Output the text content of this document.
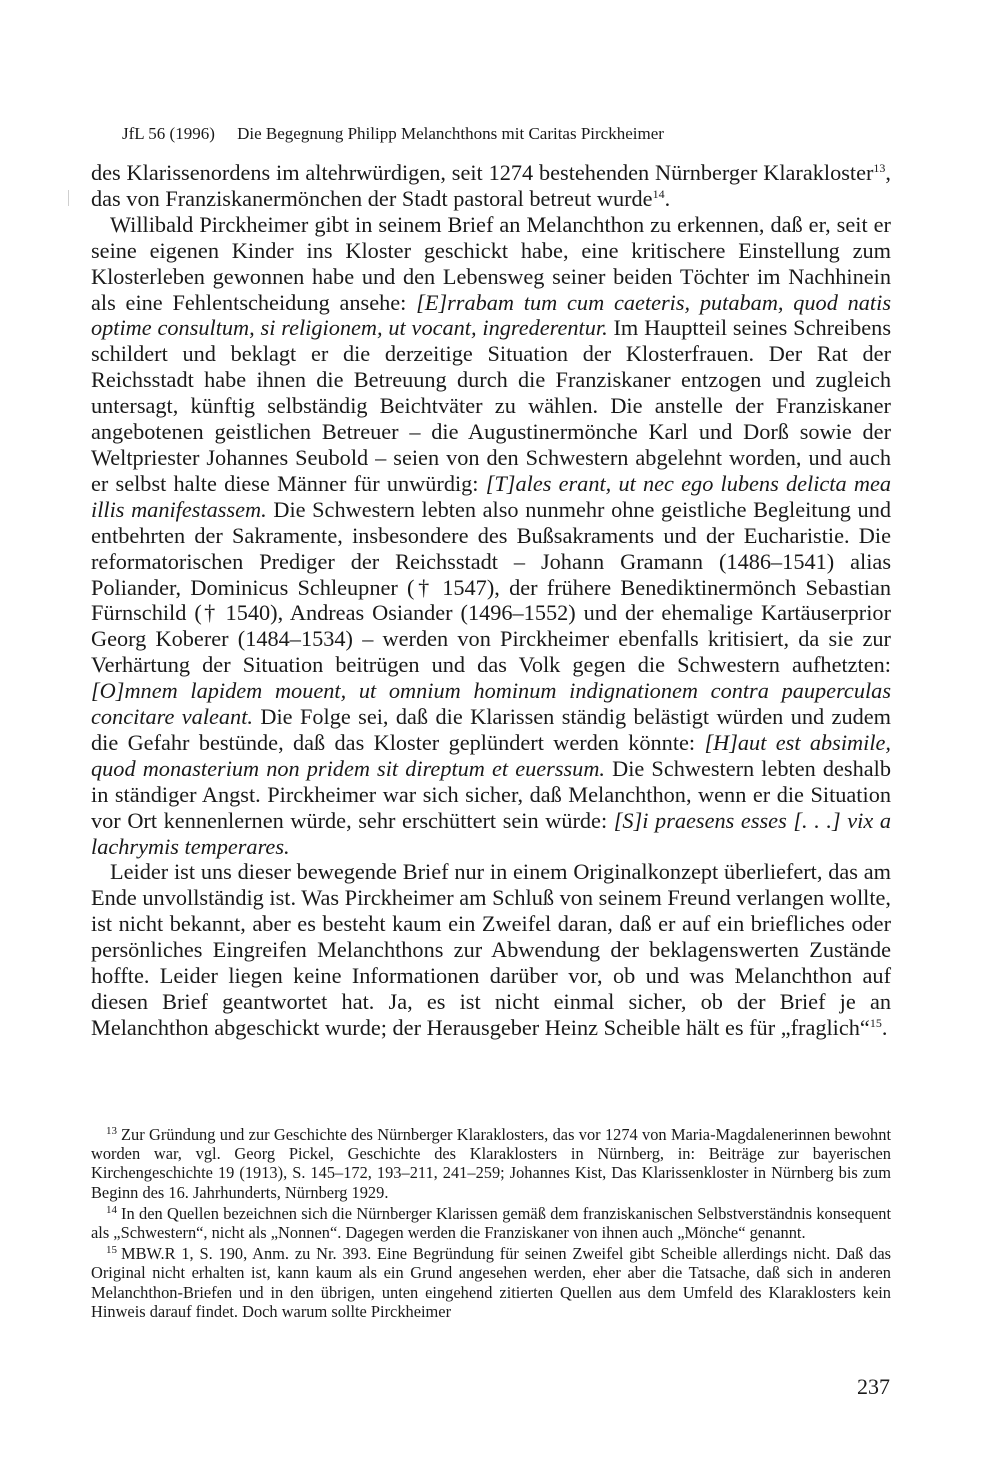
JfL 56 (1996) Die Begegnung Philipp Melanchthons mit Caritas Pirckheimer

des Klarissenordens im altehrwürdigen, seit 1274 bestehenden Nürnberger Klarakloster$^{13}$, das von Franziskanermönchen der Stadt pastoral betreut wurde$^{14}$.

Willibald Pirckheimer gibt in seinem Brief an Melanchthon zu erkennen, daß er, seit er seine eigenen Kinder ins Kloster geschickt habe, eine kritischere Einstellung zum Klosterleben gewonnen habe und den Lebensweg seiner beiden Töchter im Nachhinein als eine Fehlentscheidung ansehe: [E]rrabam tum cum caeteris, putabam, quod natis optime consultum, si religionem, ut vocant, ingrederentur. Im Hauptteil seines Schreibens schildert und beklagt er die derzeitige Situation der Klosterfrauen. Der Rat der Reichsstadt habe ihnen die Betreuung durch die Franziskaner entzogen und zugleich untersagt, künftig selbständig Beichtväter zu wählen. Die anstelle der Franziskaner angebotenen geistlichen Betreuer – die Augustinermönche Karl und Dorß sowie der Weltpriester Johannes Seubold – seien von den Schwestern abgelehnt worden, und auch er selbst halte diese Männer für unwürdig: [T]ales erant, ut nec ego lubens delicta mea illis manifestassem. Die Schwestern lebten also nunmehr ohne geistliche Begleitung und entbehrten der Sakramente, insbesondere des Bußsakraments und der Eucharistie. Die reformatorischen Prediger der Reichsstadt – Johann Gramann (1486–1541) alias Poliander, Dominicus Schleupner († 1547), der frühere Benediktinermönch Sebastian Fürnschild († 1540), Andreas Osiander (1496–1552) und der ehemalige Kartäuserprior Georg Koberer (1484–1534) – werden von Pirckheimer ebenfalls kritisiert, da sie zur Verhärtung der Situation beitrügen und das Volk gegen die Schwestern aufhetzten: [O]mnem lapidem mouent, ut omnium hominum indignationem contra pauperculas concitare valeant. Die Folge sei, daß die Klarissen ständig belästigt würden und zudem die Gefahr bestünde, daß das Kloster geplündert werden könnte: [H]aut est absimile, quod monasterium non pridem sit direptum et euerssum. Die Schwestern lebten deshalb in ständiger Angst. Pirckheimer war sich sicher, daß Melanchthon, wenn er die Situation vor Ort kennenlernen würde, sehr erschüttert sein würde: [S]i praesens esses [. . .] vix a lachrymis temperares.

Leider ist uns dieser bewegende Brief nur in einem Originalkonzept überliefert, das am Ende unvollständig ist. Was Pirckheimer am Schluß von seinem Freund verlangen wollte, ist nicht bekannt, aber es besteht kaum ein Zweifel daran, daß er auf ein briefliches oder persönliches Eingreifen Melanchthons zur Abwendung der beklagenswerten Zustände hoffte. Leider liegen keine Informationen darüber vor, ob und was Melanchthon auf diesen Brief geantwortet hat. Ja, es ist nicht einmal sicher, ob der Brief je an Melanchthon abgeschickt wurde; der Herausgeber Heinz Scheible hält es für „fraglich“$^{15}$.

$^{13}$ Zur Gründung und zur Geschichte des Nürnberger Klaraklosters, das vor 1274 von Maria-Magdalenerinnen bewohnt worden war, vgl. Georg Pickel, Geschichte des Klaraklosters in Nürnberg, in: Beiträge zur bayerischen Kirchengeschichte 19 (1913), S. 145–172, 193–211, 241–259; Johannes Kist, Das Klarissenkloster in Nürnberg bis zum Beginn des 16. Jahrhunderts, Nürnberg 1929.

$^{14}$ In den Quellen bezeichnen sich die Nürnberger Klarissen gemäß dem franziskanischen Selbstverständnis konsequent als „Schwestern“, nicht als „Nonnen“. Dagegen werden die Franziskaner von ihnen auch „Mönche“ genannt.

$^{15}$ MBW.R 1, S. 190, Anm. zu Nr. 393. Eine Begründung für seinen Zweifel gibt Scheible allerdings nicht. Daß das Original nicht erhalten ist, kann kaum als ein Grund angesehen werden, eher aber die Tatsache, daß sich in anderen Melanchthon-Briefen und in den übrigen, unten eingehend zitierten Quellen aus dem Umfeld des Klaraklosters kein Hinweis darauf findet. Doch warum sollte Pirckheimer

237
